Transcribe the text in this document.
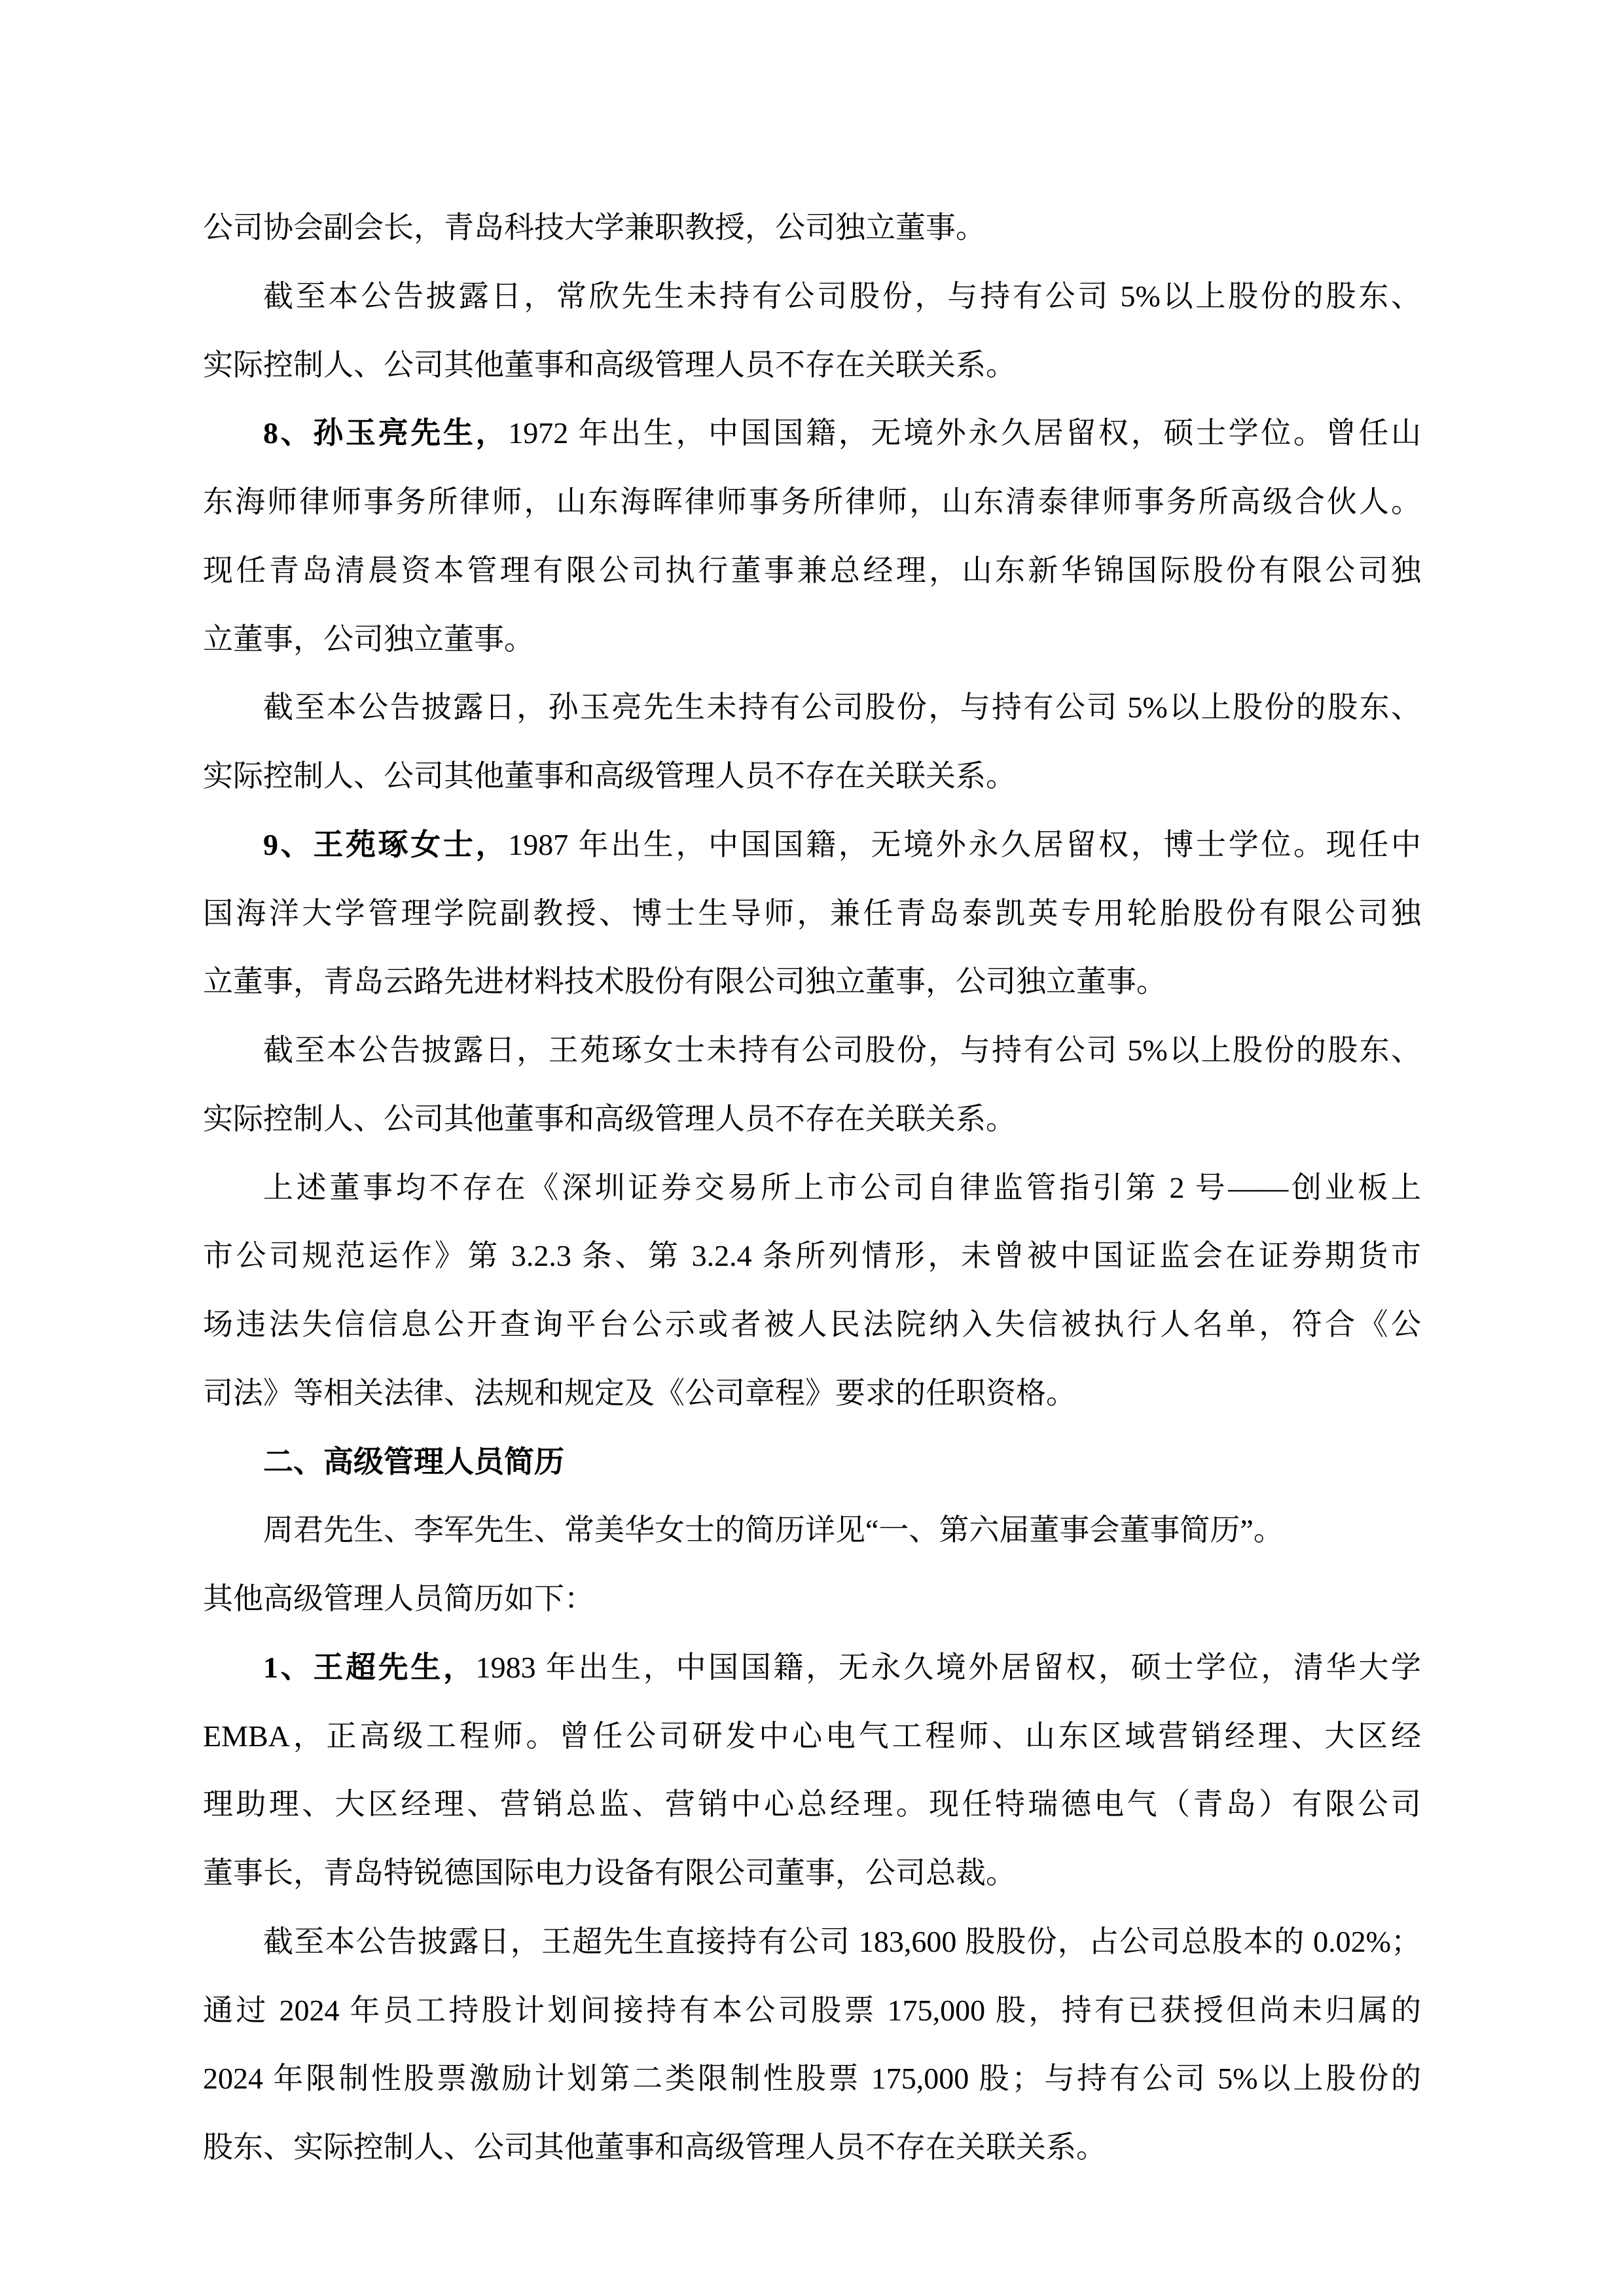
公司协会副会长，青岛科技大学兼职教授，公司独立董事。
截至本公告披露日，常欣先生未持有公司股份，与持有公司 5%以上股份的股东、
实际控制人、公司其他董事和高级管理人员不存在关联关系。
8、孙玉亮先生，1972 年出生，中国国籍，无境外永久居留权，硕士学位。曾任山
东海师律师事务所律师，山东海晖律师事务所律师，山东清泰律师事务所高级合伙人。
现任青岛清晨资本管理有限公司执行董事兼总经理，山东新华锦国际股份有限公司独
立董事，公司独立董事。
截至本公告披露日，孙玉亮先生未持有公司股份，与持有公司 5%以上股份的股东、
实际控制人、公司其他董事和高级管理人员不存在关联关系。
9、王苑琢女士，1987 年出生，中国国籍，无境外永久居留权，博士学位。现任中
国海洋大学管理学院副教授、博士生导师，兼任青岛泰凯英专用轮胎股份有限公司独
立董事，青岛云路先进材料技术股份有限公司独立董事，公司独立董事。
截至本公告披露日，王苑琢女士未持有公司股份，与持有公司 5%以上股份的股东、
实际控制人、公司其他董事和高级管理人员不存在关联关系。
上述董事均不存在《深圳证券交易所上市公司自律监管指引第 2 号——创业板上
市公司规范运作》第 3.2.3 条、第 3.2.4 条所列情形，未曾被中国证监会在证券期货市
场违法失信信息公开查询平台公示或者被人民法院纳入失信被执行人名单，符合《公
司法》等相关法律、法规和规定及《公司章程》要求的任职资格。
二、高级管理人员简历
周君先生、李军先生、常美华女士的简历详见“一、第六届董事会董事简历”。
其他高级管理人员简历如下：
1、王超先生，1983 年出生，中国国籍，无永久境外居留权，硕士学位，清华大学
EMBA，正高级工程师。曾任公司研发中心电气工程师、山东区域营销经理、大区经
理助理、大区经理、营销总监、营销中心总经理。现任特瑞德电气（青岛）有限公司
董事长，青岛特锐德国际电力设备有限公司董事，公司总裁。
截至本公告披露日，王超先生直接持有公司 183,600 股股份，占公司总股本的 0.02%；
通过 2024 年员工持股计划间接持有本公司股票 175,000 股，持有已获授但尚未归属的
2024 年限制性股票激励计划第二类限制性股票 175,000 股；与持有公司 5%以上股份的
股东、实际控制人、公司其他董事和高级管理人员不存在关联关系。
